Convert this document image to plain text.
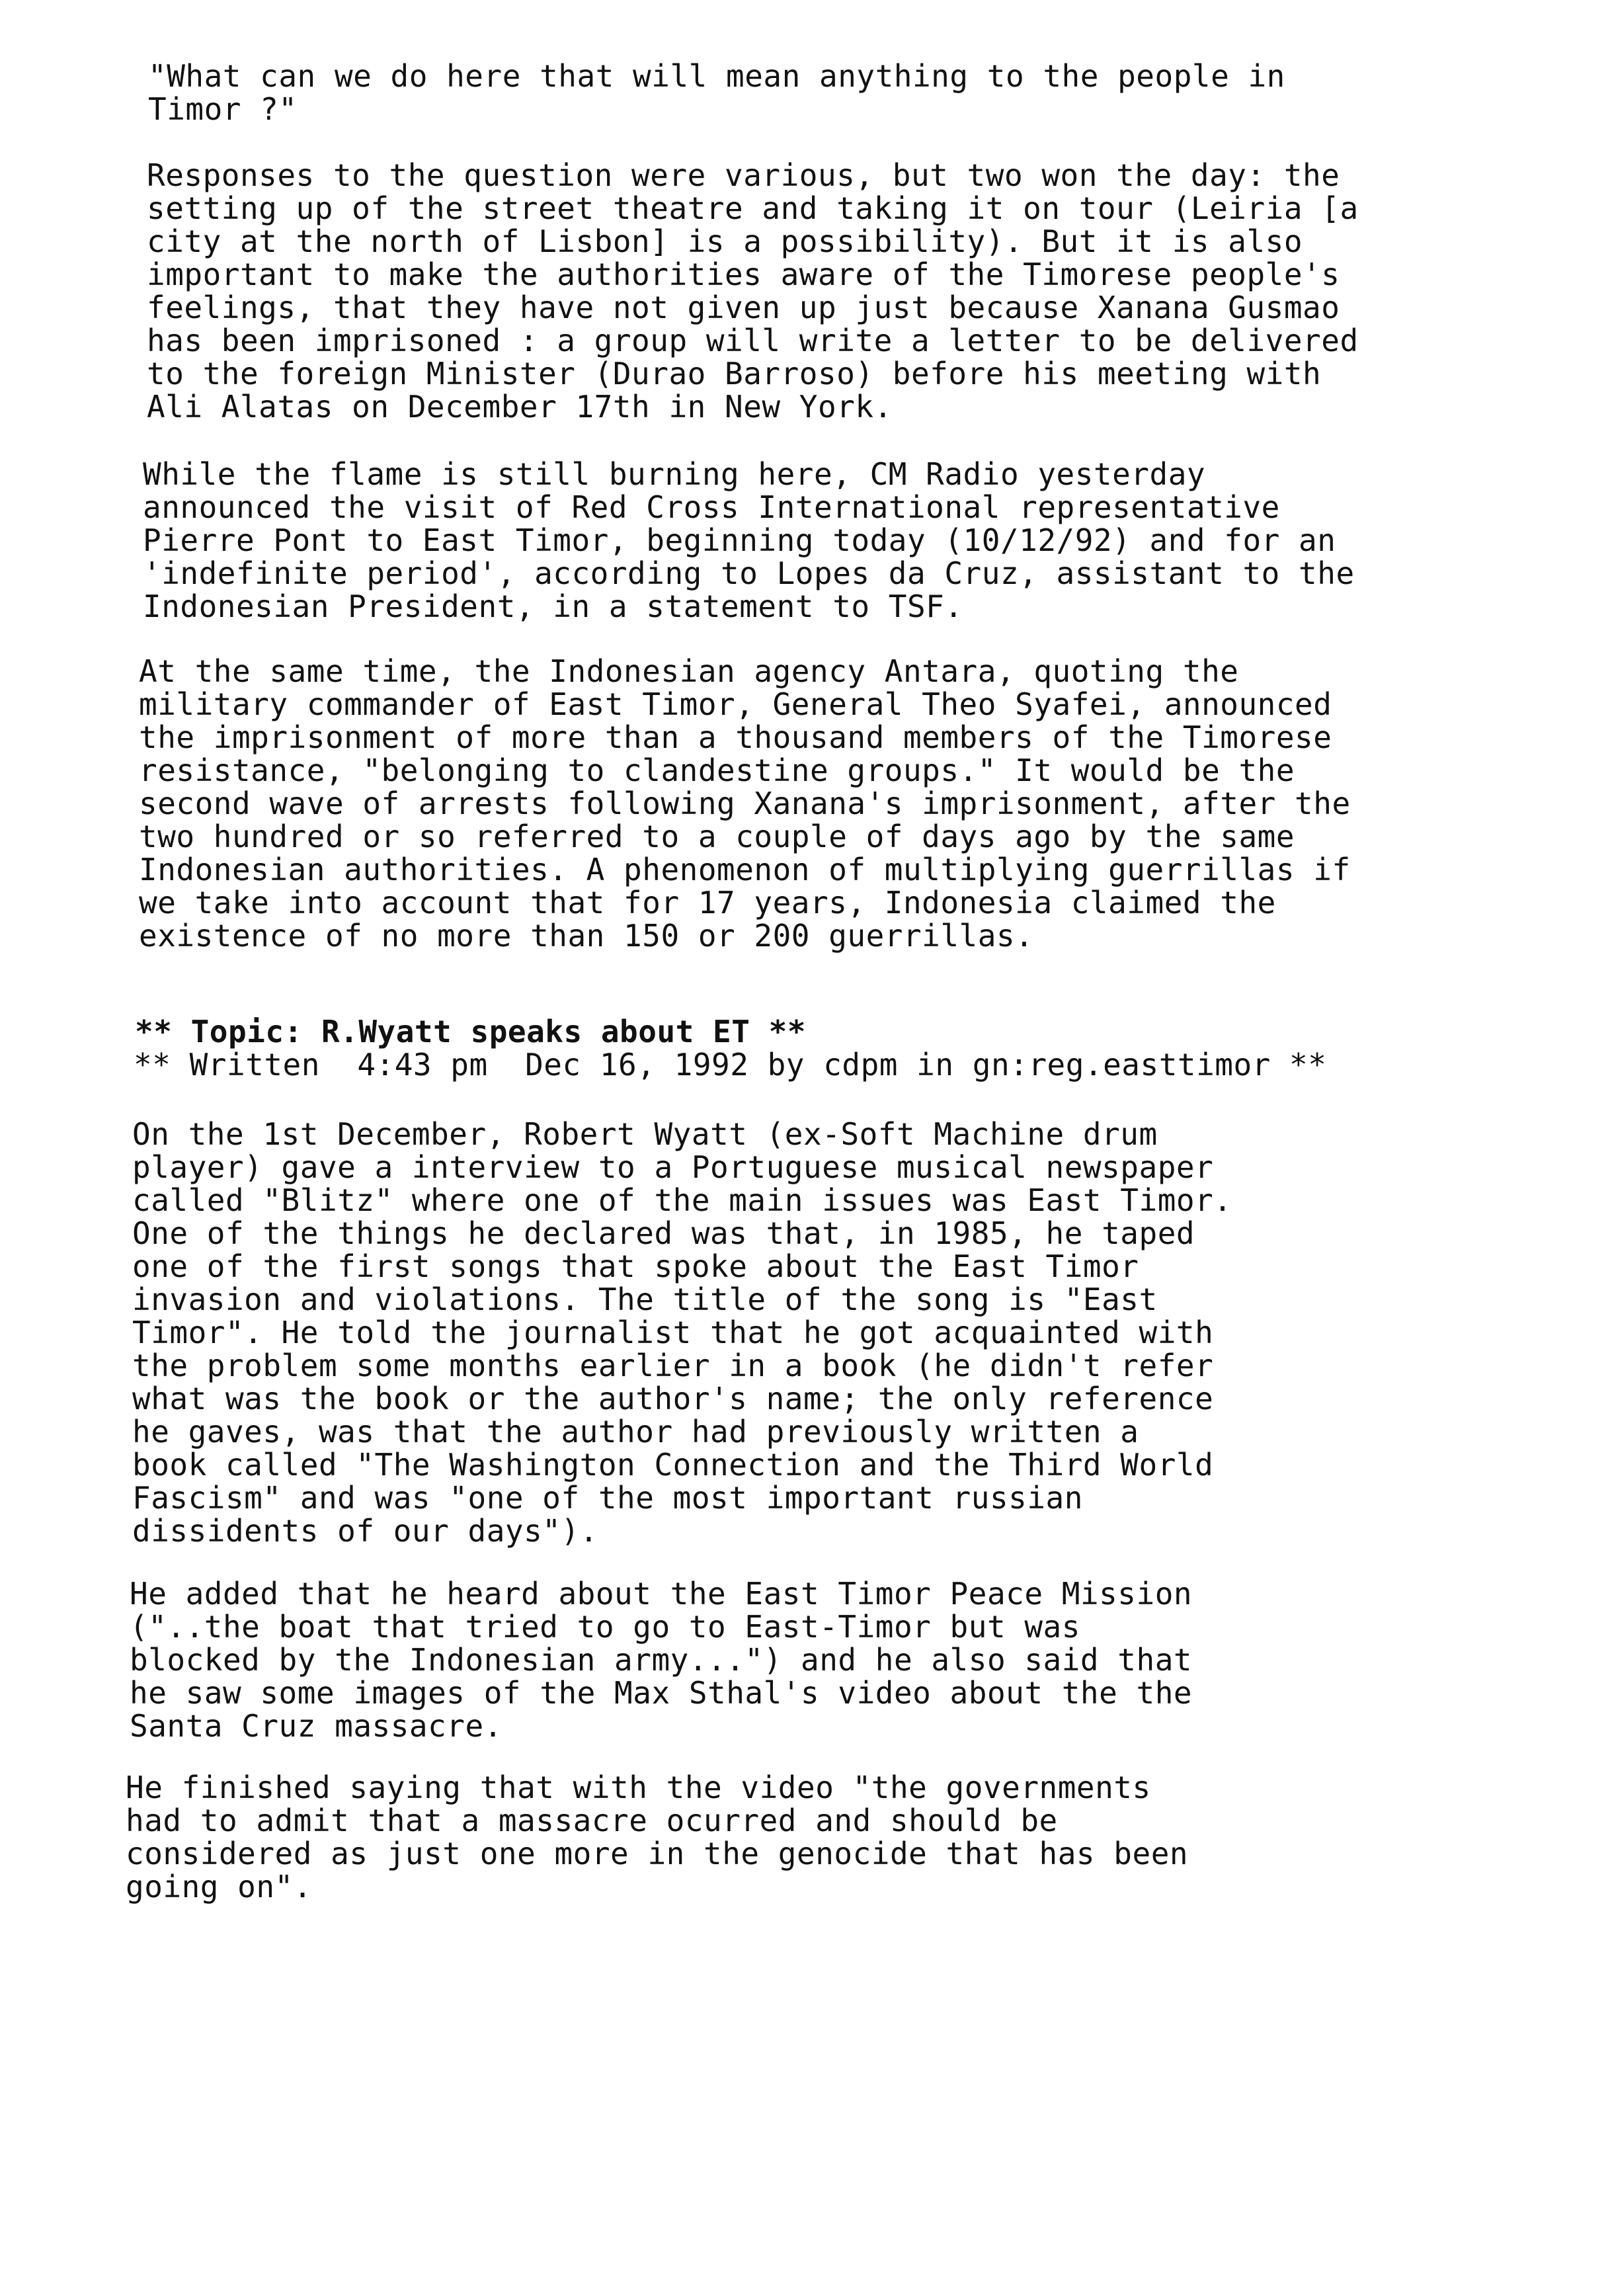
"What can we do here that will mean anything to the people in
Timor ?"

Responses to the question were various, but two won the day: the
setting up of the street theatre and taking it on tour (Leiria [a
city at the north of Lisbon] is a possibility). But it is also
important to make the authorities aware of the Timorese people's
feelings, that they have not given up just because Xanana Gusmao
has been imprisoned : a group will write a letter to be delivered
to the foreign Minister (Durao Barroso) before his meeting with
Ali Alatas on December 17th in New York.

While the flame is still burning here, CM Radio yesterday
announced the visit of Red Cross International representative
Pierre Pont to East Timor, beginning today (10/12/92) and for an
'indefinite period', according to Lopes da Cruz, assistant to the
Indonesian President, in a statement to TSF.

At the same time, the Indonesian agency Antara, quoting the
military commander of East Timor, General Theo Syafei, announced
the imprisonment of more than a thousand members of the Timorese
resistance, "belonging to clandestine groups." It would be the
second wave of arrests following Xanana's imprisonment, after the
two hundred or so referred to a couple of days ago by the same
Indonesian authorities. A phenomenon of multiplying guerrillas if
we take into account that for 17 years, Indonesia claimed the
existence of no more than 150 or 200 guerrillas.

** Topic: R.Wyatt speaks about ET **

** Written  4:43 pm  Dec 16, 1992 by cdpm in gn:reg.easttimor **

On the 1st December, Robert Wyatt (ex-Soft Machine drum
player) gave a interview to a Portuguese musical newspaper
called "Blitz" where one of the main issues was East Timor.
One of the things he declared was that, in 1985, he taped
one of the first songs that spoke about the East Timor
invasion and violations. The title of the song is "East
Timor". He told the journalist that he got acquainted with
the problem some months earlier in a book (he didn't refer
what was the book or the author's name; the only reference
he gaves, was that the author had previously written a
book called "The Washington Connection and the Third World
Fascism" and was "one of the most important russian
dissidents of our days").

He added that he heard about the East Timor Peace Mission
("..the boat that tried to go to East-Timor but was
blocked by the Indonesian army...") and he also said that
he saw some images of the Max Sthal's video about the the
Santa Cruz massacre.

He finished saying that with the video "the governments
had to admit that a massacre ocurred and should be
considered as just one more in the genocide that has been
going on".
